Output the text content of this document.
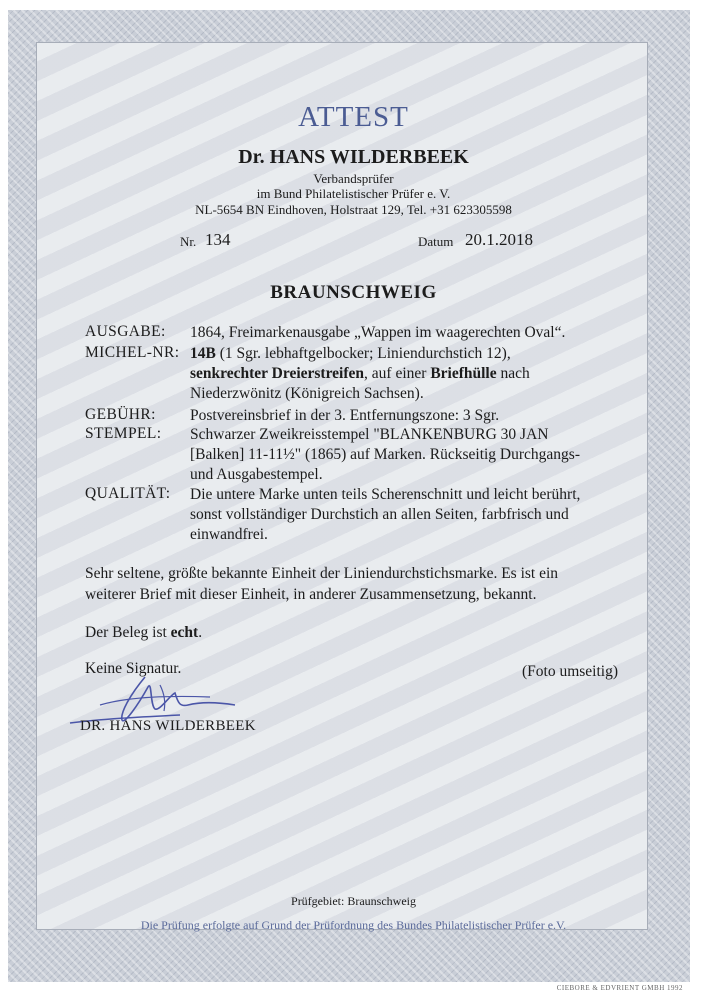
ATTEST
Dr. HANS WILDERBEEK
Verbandsprüfer
im Bund Philatelistischer Prüfer e. V.
NL-5654 BN Eindhoven, Holstraat 129, Tel. +31 623305598
Nr. 134	Datum 20.1.2018
BRAUNSCHWEIG
AUSGABE: 1864, Freimarkenausgabe „Wappen im waagerechten Oval“.
MICHEL-NR: 14B (1 Sgr. lebhaftgelbocker; Liniendurchstich 12),
senkrechter Dreierstreifen, auf einer Briefhülle nach
Niederzwönitz (Königreich Sachsen).
GEBÜHR: Postvereinsbrief in der 3. Entfernungszone: 3 Sgr.
STEMPEL: Schwarzer Zweikreisstempel "BLANKENBURG 30 JAN
[Balken] 11-11½" (1865) auf Marken. Rückseitig Durchgangs-
und Ausgabestempel.
QUALITÄT: Die untere Marke unten teils Scherenschnitt und leicht berührt,
sonst vollständiger Durchstich an allen Seiten, farbfrisch und
einwandfrei.
Sehr seltene, größte bekannte Einheit der Liniendurchstichsmarke. Es ist ein
weiterer Brief mit dieser Einheit, in anderer Zusammensetzung, bekannt.
Der Beleg ist echt.
Keine Signatur.	(Foto umseitig)
DR. HANS WILDERBEEK
Prüfgebiet: Braunschweig
Die Prüfung erfolgte auf Grund der Prüfordnung des Bundes Philatelistischer Prüfer e.V.
CIEBORE & EDVRIENT GMBH 1992
